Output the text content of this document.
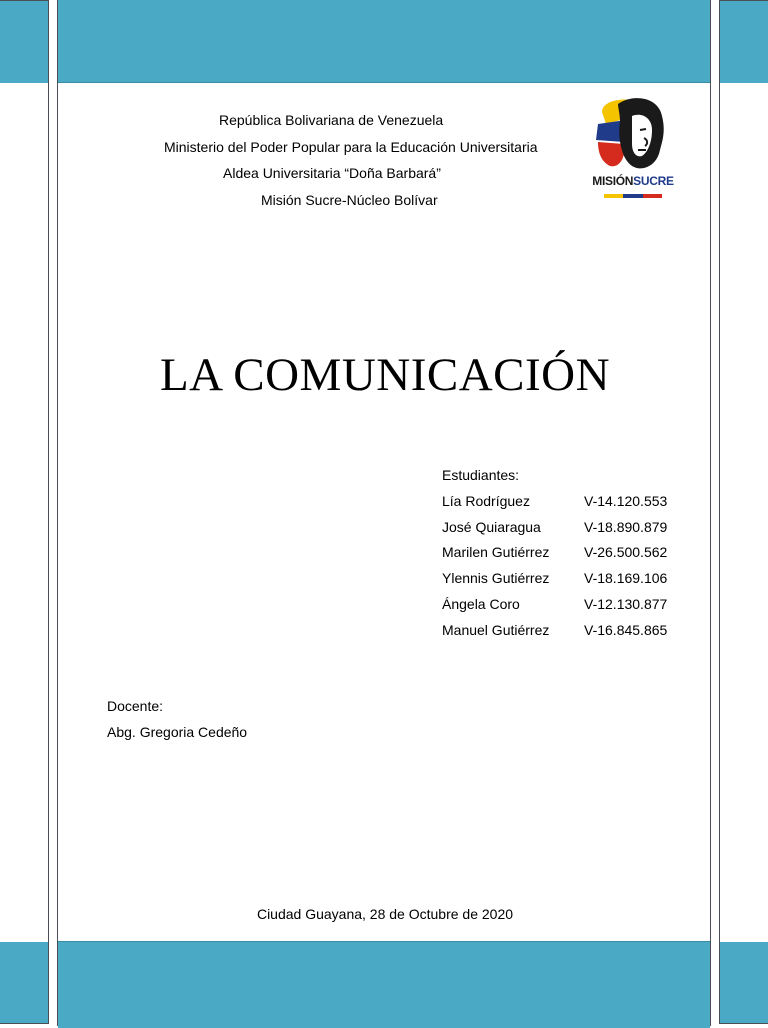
República Bolivariana de Venezuela
Ministerio del Poder Popular para la Educación Universitaria
Aldea Universitaria “Doña Barbará”
Misión Sucre-Núcleo Bolívar
MISIÓNSUCRE
LA COMUNICACIÓN
Estudiantes:
Lía Rodríguez	V-14.120.553
José Quiaragua	V-18.890.879
Marilen Gutiérrez V-26.500.562
Ylennis Gutiérrez V-18.169.106
Ángela Coro	V-12.130.877
Manuel Gutiérrez V-16.845.865
Docente:
Abg. Gregoria Cedeño
Ciudad Guayana, 28 de Octubre de 2020
